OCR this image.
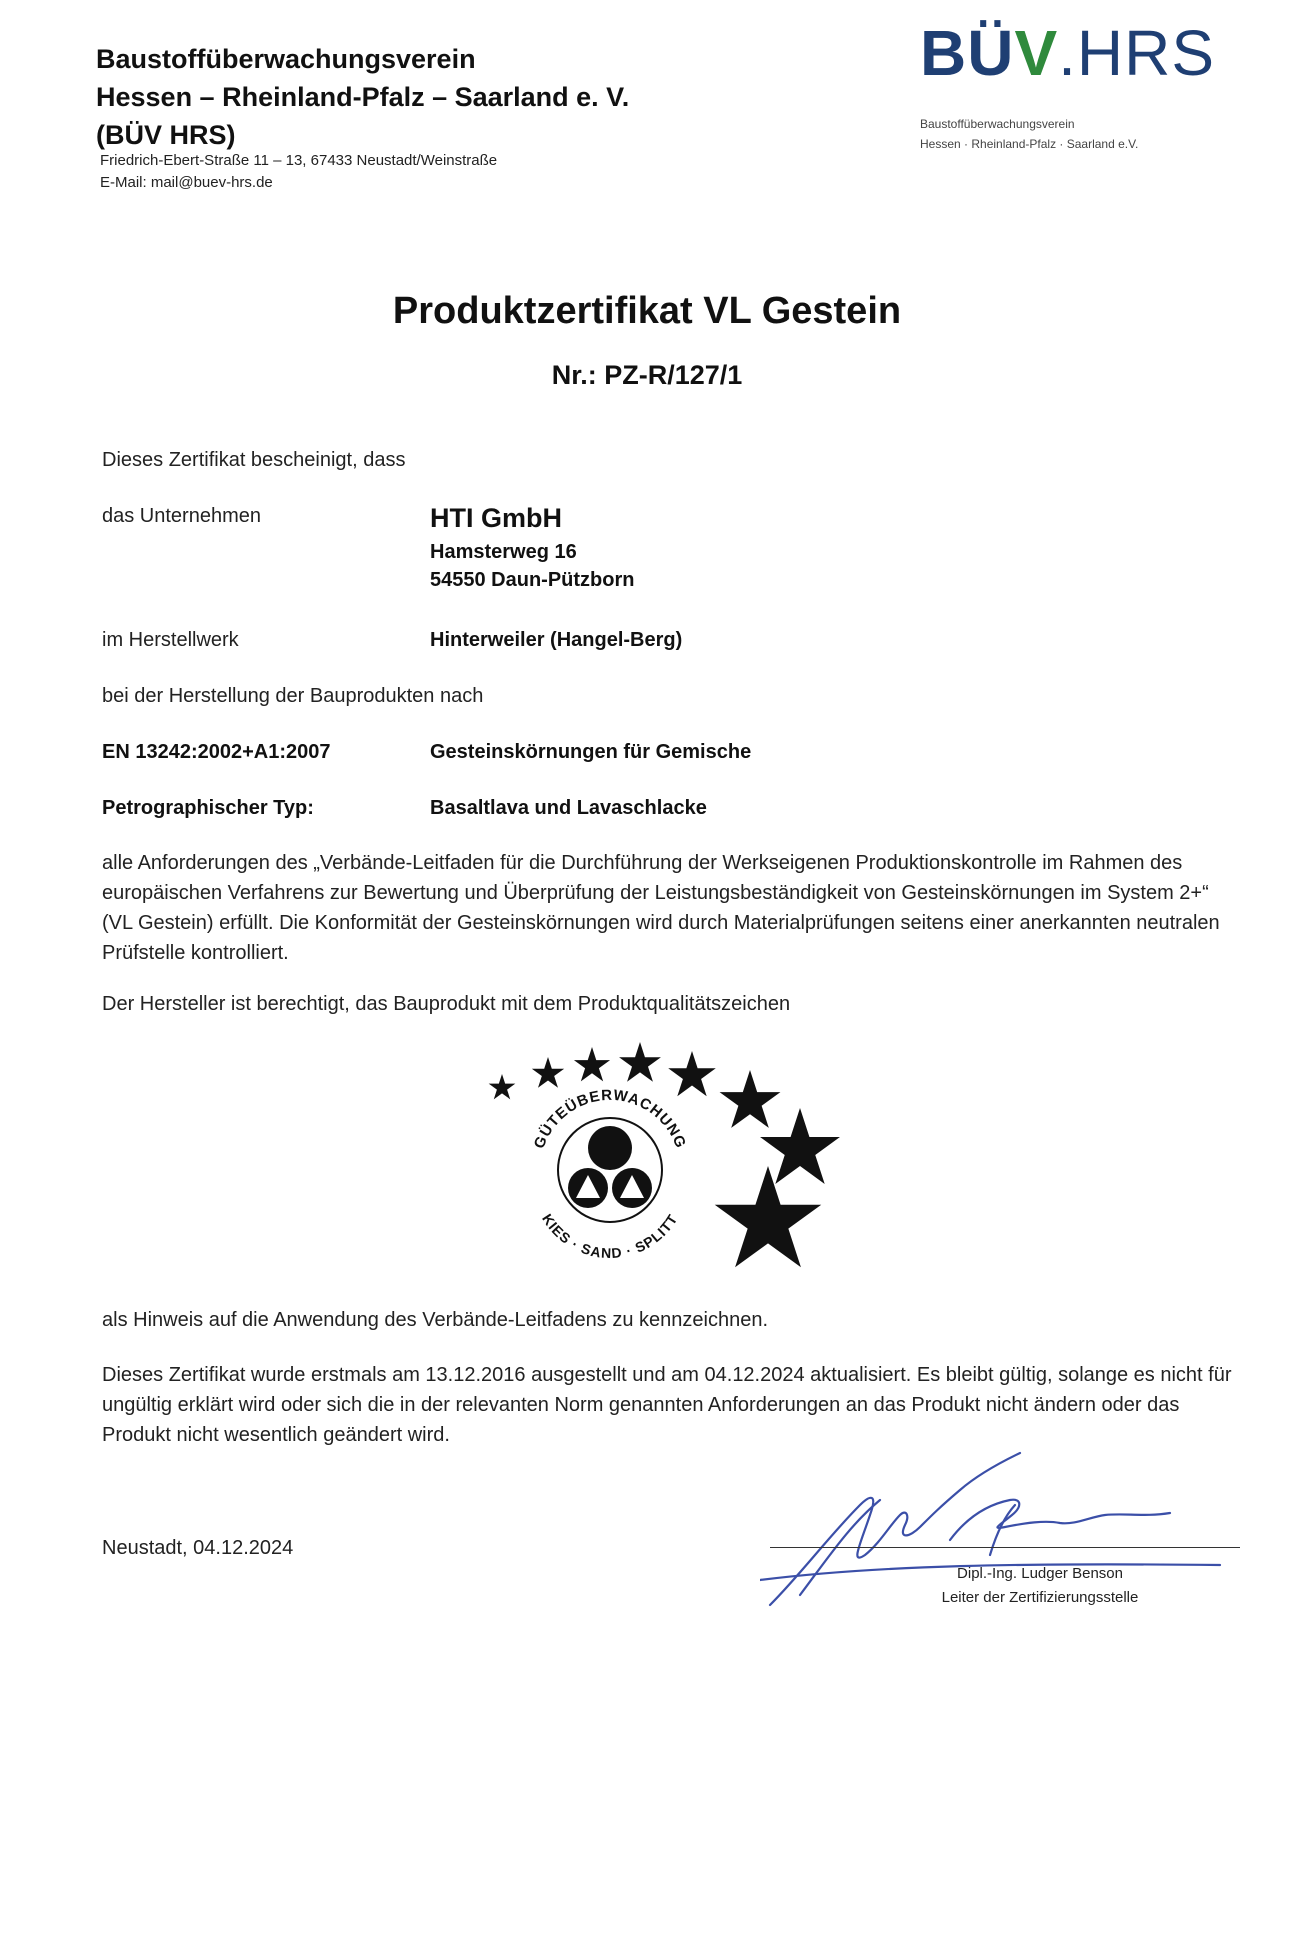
Baustoffüberwachungsverein
Hessen – Rheinland-Pfalz – Saarland e. V.
(BÜV HRS)
Friedrich-Ebert-Straße 11 – 13, 67433 Neustadt/Weinstraße
E-Mail: mail@buev-hrs.de
BÜV.HRS
Baustoffüberwachungsverein
Hessen · Rheinland-Pfalz · Saarland e.V.
Produktzertifikat VL Gestein
Nr.: PZ-R/127/1
Dieses Zertifikat bescheinigt, dass
das Unternehmen	HTI GmbH
Hamsterweg 16
54550 Daun-Pützborn
im Herstellwerk	Hinterweiler (Hangel-Berg)
bei der Herstellung der Bauprodukten nach
EN 13242:2002+A1:2007	Gesteinskörnungen für Gemische
Petrographischer Typ:	Basaltlava und Lavaschlacke
alle Anforderungen des „Verbände-Leitfaden für die Durchführung der Werkseigenen Produktionskontrolle im Rahmen des europäischen Verfahrens zur Bewertung und Überprüfung der Leistungsbeständigkeit von Gesteinskörnungen im System 2+“ (VL Gestein) erfüllt. Die Konformität der Gesteinskörnungen wird durch Materialprüfungen seitens einer anerkannten neutralen Prüfstelle kontrolliert.
Der Hersteller ist berechtigt, das Bauprodukt mit dem Produktqualitätszeichen
GÜTEÜBERWACHUNG
KIES · SAND · SPLITT
als Hinweis auf die Anwendung des Verbände-Leitfadens zu kennzeichnen.
Dieses Zertifikat wurde erstmals am 13.12.2016 ausgestellt und am 04.12.2024 aktualisiert. Es bleibt gültig, solange es nicht für ungültig erklärt wird oder sich die in der relevanten Norm genannten Anforderungen an das Produkt nicht ändern oder das Produkt nicht wesentlich geändert wird.
Neustadt, 04.12.2024
Dipl.-Ing. Ludger Benson
Leiter der Zertifizierungsstelle
